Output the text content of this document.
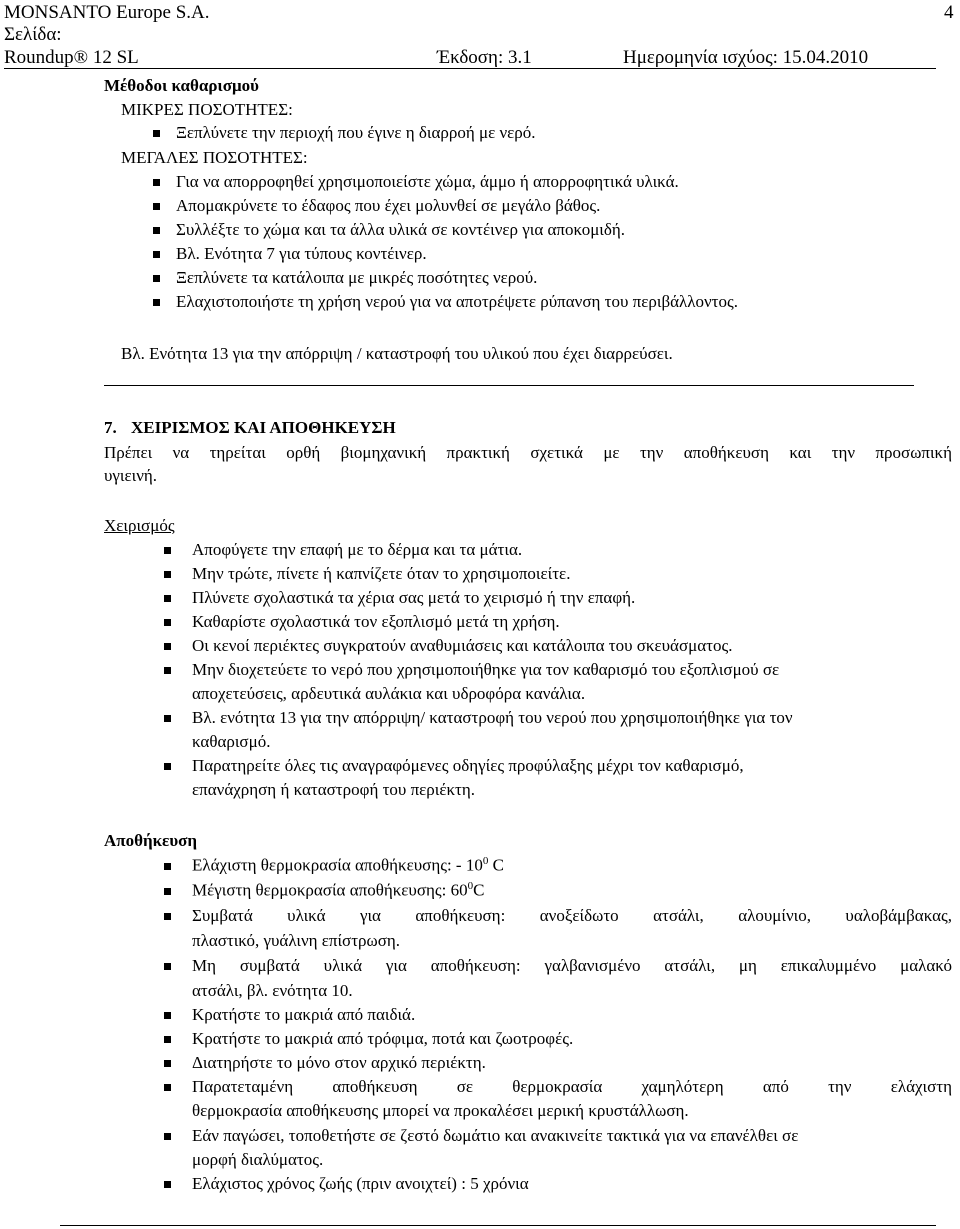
MONSANTO Europe S.A.	4
Σελίδα:
Roundup® 12 SL	Έκδοση: 3.1	Ημερομηνία ισχύος: 15.04.2010
Μέθοδοι καθαρισμού
ΜΙΚΡΕΣ ΠΟΣΟΤΗΤΕΣ:
Ξεπλύνετε την περιοχή που έγινε η διαρροή με νερό.
ΜΕΓΑΛΕΣ ΠΟΣΟΤΗΤΕΣ:
Για να απορροφηθεί χρησιμοποιείστε χώμα, άμμο ή απορροφητικά υλικά.
Απομακρύνετε το έδαφος που έχει μολυνθεί σε μεγάλο βάθος.
Συλλέξτε το χώμα και τα άλλα υλικά σε κοντέινερ για αποκομιδή.
Βλ. Ενότητα 7 για τύπους κοντέινερ.
Ξεπλύνετε τα κατάλοιπα με μικρές ποσότητες νερού.
Ελαχιστοποιήστε τη χρήση νερού για να αποτρέψετε ρύπανση του περιβάλλοντος.
Βλ. Ενότητα 13 για την απόρριψη / καταστροφή του υλικού που έχει διαρρεύσει.
7. ΧΕΙΡΙΣΜΟΣ ΚΑΙ ΑΠΟΘΗΚΕΥΣΗ
Πρέπει να τηρείται ορθή βιομηχανική πρακτική σχετικά με την αποθήκευση και την προσωπική
υγιεινή.
Χειρισμός
Αποφύγετε την επαφή με το δέρμα και τα μάτια.
Μην τρώτε, πίνετε ή καπνίζετε όταν το χρησιμοποιείτε.
Πλύνετε σχολαστικά τα χέρια σας μετά το χειρισμό ή την επαφή.
Καθαρίστε σχολαστικά τον εξοπλισμό μετά τη χρήση.
Οι κενοί περιέκτες συγκρατούν αναθυμιάσεις και κατάλοιπα του σκευάσματος.
Μην διοχετεύετε το νερό που χρησιμοποιήθηκε για τον καθαρισμό του εξοπλισμού σε
αποχετεύσεις, αρδευτικά αυλάκια και υδροφόρα κανάλια.
Βλ. ενότητα 13 για την απόρριψη/ καταστροφή του νερού που χρησιμοποιήθηκε για τον
καθαρισμό.
Παρατηρείτε όλες τις αναγραφόμενες οδηγίες προφύλαξης μέχρι τον καθαρισμό,
επανάχρηση ή καταστροφή του περιέκτη.
Αποθήκευση
Ελάχιστη θερμοκρασία αποθήκευσης: - $10^0$ C
Μέγιστη θερμοκρασία αποθήκευσης: $60^0C$
Συμβατά υλικά για αποθήκευση: ανοξείδωτο ατσάλι, αλουμίνιο, υαλοβάμβακας,
πλαστικό, γυάλινη επίστρωση.
Μη συμβατά υλικά για αποθήκευση: γαλβανισμένο ατσάλι, μη επικαλυμμένο μαλακό
ατσάλι, βλ. ενότητα 10.
Κρατήστε το μακριά από παιδιά.
Κρατήστε το μακριά από τρόφιμα, ποτά και ζωοτροφές.
Διατηρήστε το μόνο στον αρχικό περιέκτη.
Παρατεταμένη αποθήκευση σε θερμοκρασία χαμηλότερη από την ελάχιστη
θερμοκρασία αποθήκευσης μπορεί να προκαλέσει μερική κρυστάλλωση.
Εάν παγώσει, τοποθετήστε σε ζεστό δωμάτιο και ανακινείτε τακτικά για να επανέλθει σε
μορφή διαλύματος.
Ελάχιστος χρόνος ζωής (πριν ανοιχτεί) : 5 χρόνια
